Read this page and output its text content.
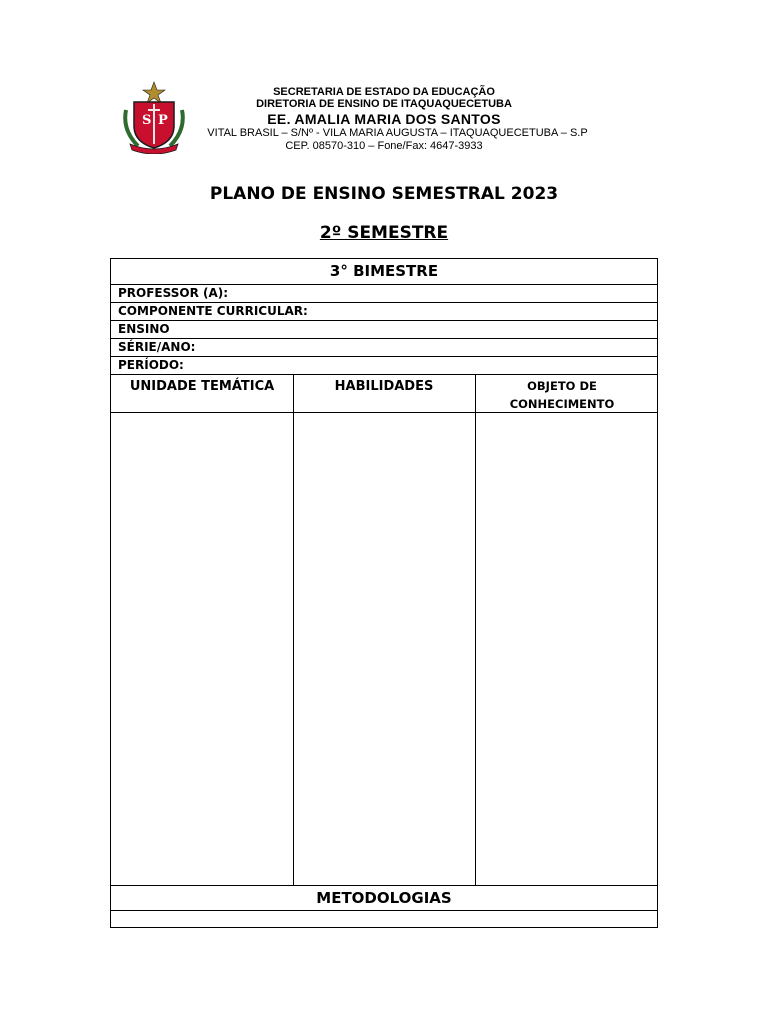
S P
SECRETARIA DE ESTADO DA EDUCAÇÃO
DIRETORIA DE ENSINO DE ITAQUAQUECETUBA
EE. AMALIA MARIA DOS SANTOS
VITAL BRASIL – S/Nº - VILA MARIA AUGUSTA – ITAQUAQUECETUBA – S.P
CEP. 08570-310 – Fone/Fax: 4647-3933
PLANO DE ENSINO SEMESTRAL 2023
2º SEMESTRE
3° BIMESTRE
PROFESSOR (A):
COMPONENTE CURRICULAR:
ENSINO
SÉRIE/ANO:
PERÍODO:
UNIDADE TEMÁTICA	HABILIDADES	OBJETO DE CONHECIMENTO
METODOLOGIAS
